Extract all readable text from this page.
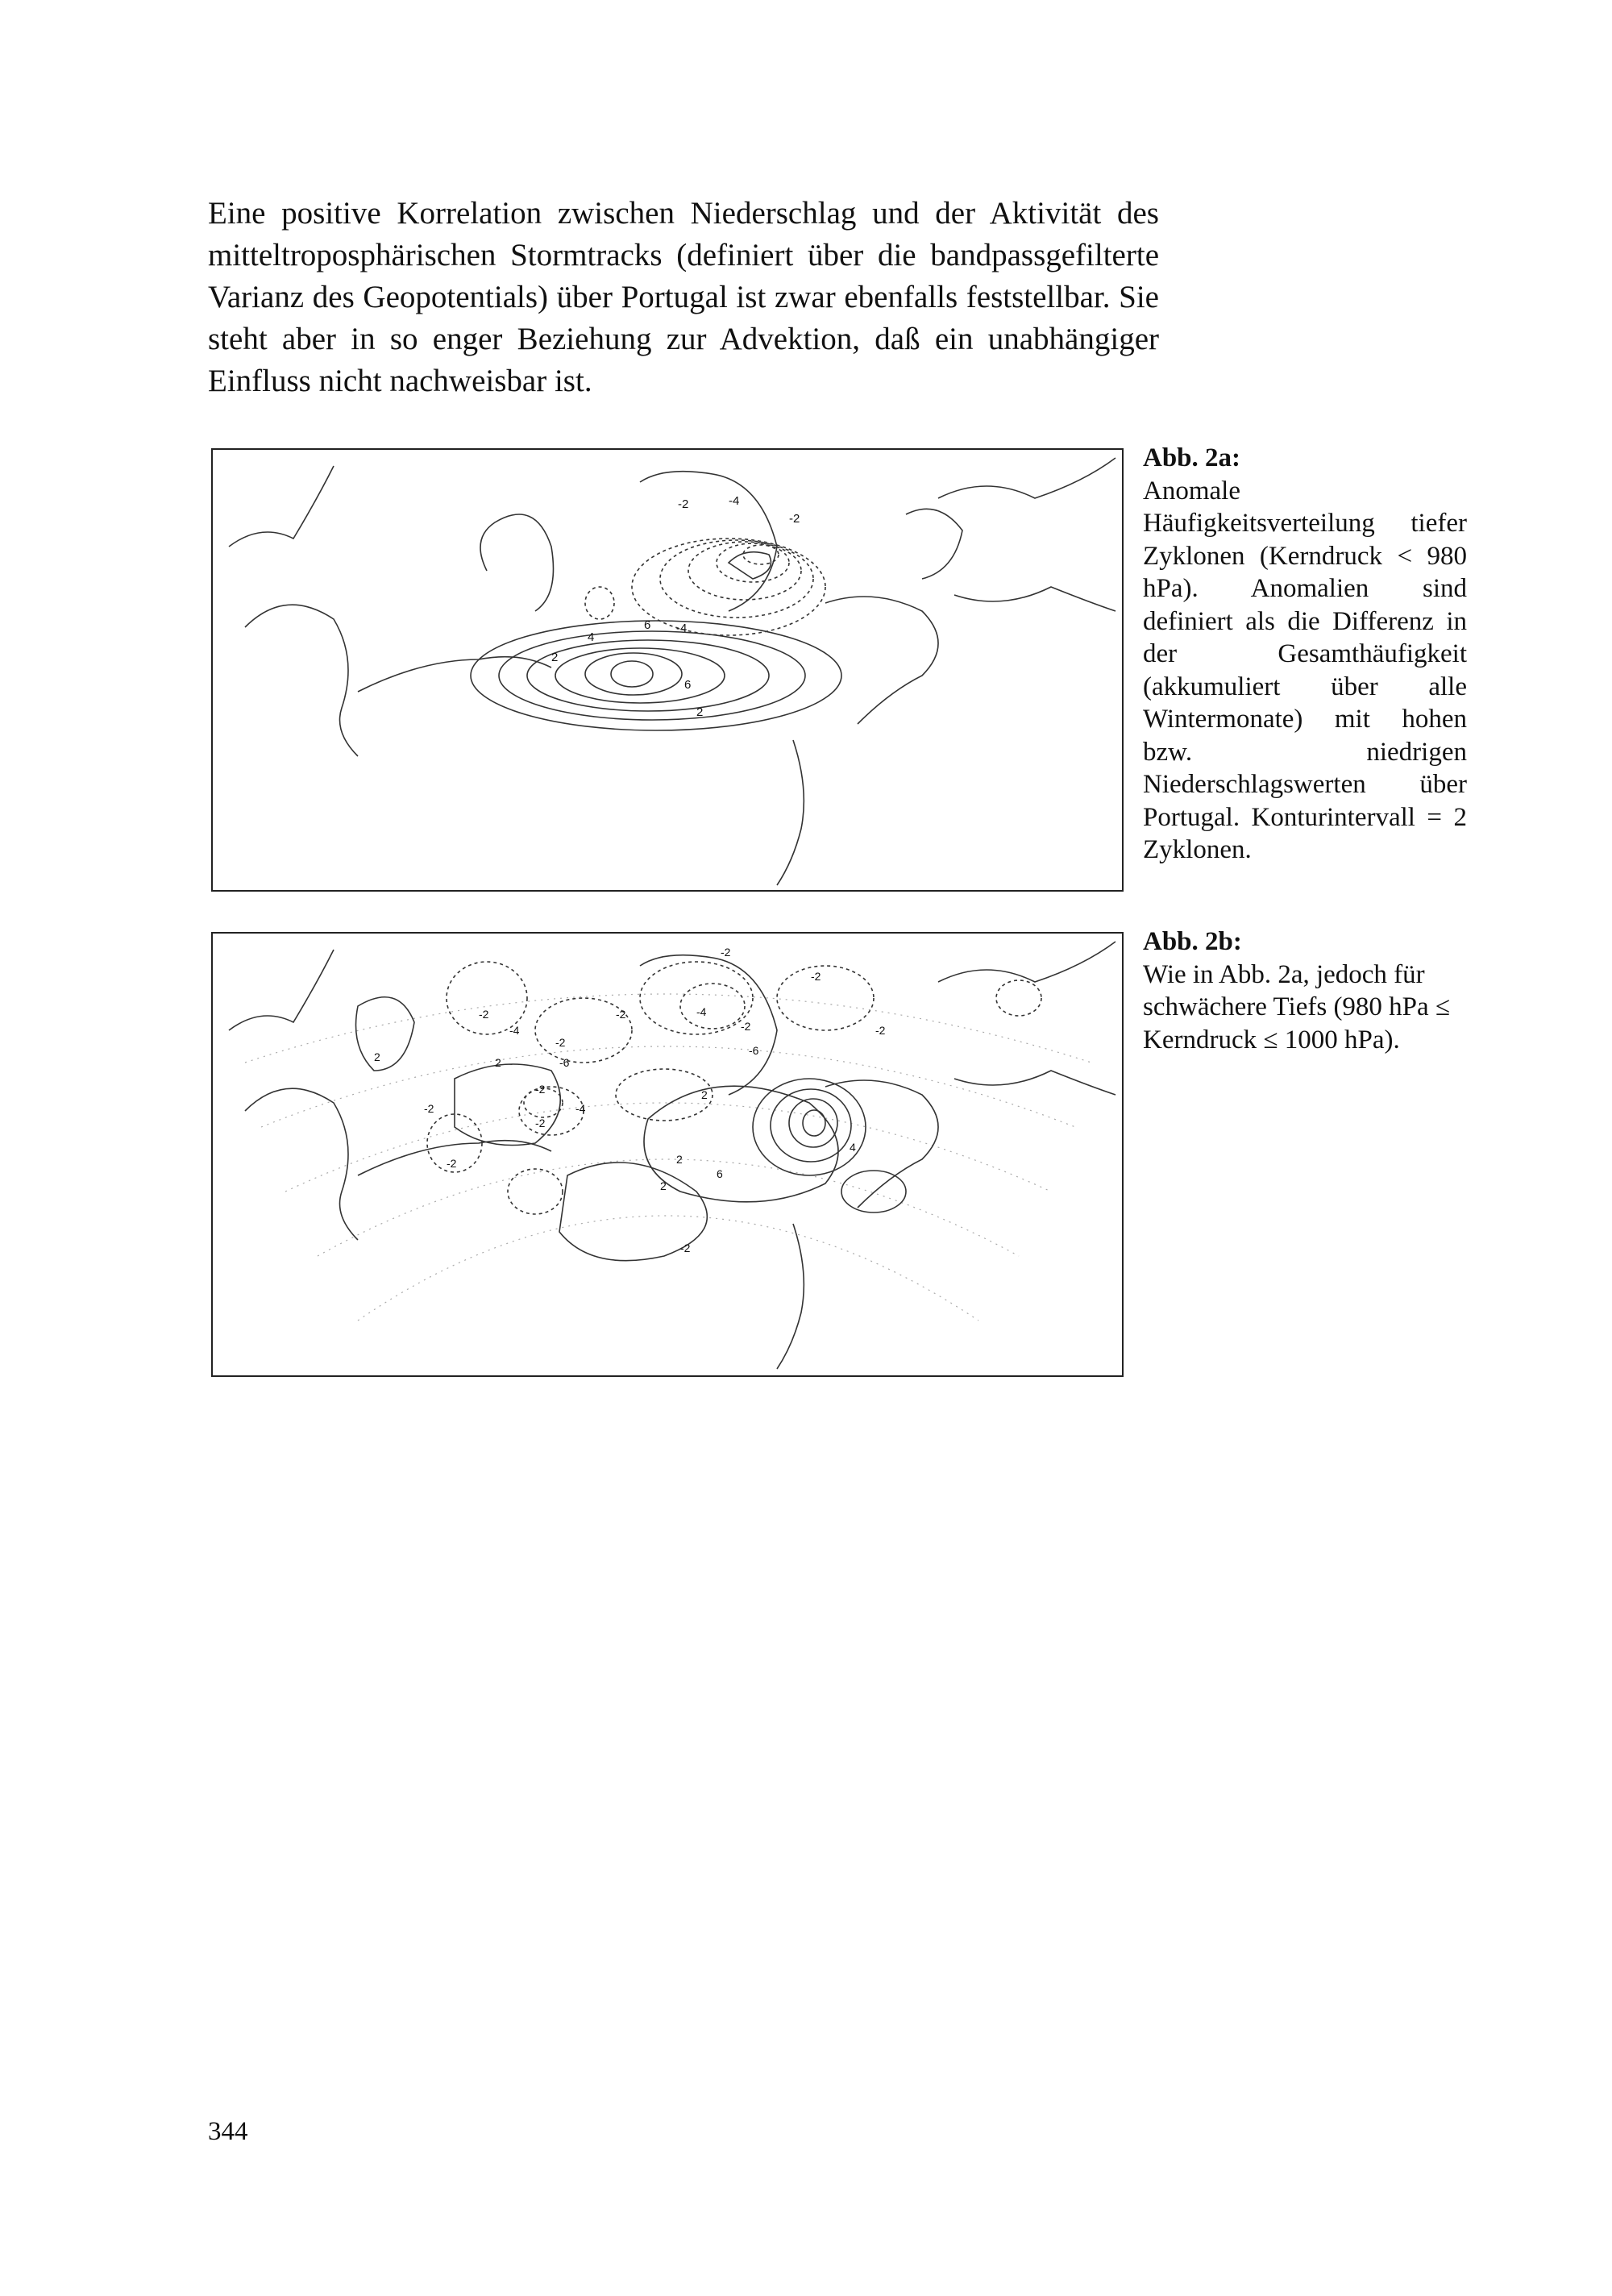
Eine positive Korrelation zwischen Niederschlag und der Aktivität des mitteltroposphärischen Stormtracks (definiert über die bandpassgefilterte Varianz des Geopotentials) über Portugal ist zwar ebenfalls feststellbar. Sie steht aber in so enger Beziehung zur Advektion, daß ein unabhängiger Einfluss nicht nachweisbar ist.

-2	-4
-2
6 -4
4
2
6
2
Abb. 2a:
Anomale Häufigkeitsverteilung tiefer Zyklonen (Kerndruck < 980 hPa). Anomalien sind definiert als die Differenz in der Gesamthäufigkeit (akkumuliert über alle Wintermonate) mit hohen bzw. niedrigen Niederschlagswerten über Portugal. Konturintervall = 2 Zyklonen.
-2
-2
-2
-4
-2
-6
-2	-4
-2
-6
2
-2
2
-2
-4
2
-2
-2
4
2
6
2
-2
-2
Abb. 2b:
Wie in Abb. 2a, jedoch für schwächere Tiefs (980 hPa ≤ Kerndruck ≤ 1000 hPa).
344
